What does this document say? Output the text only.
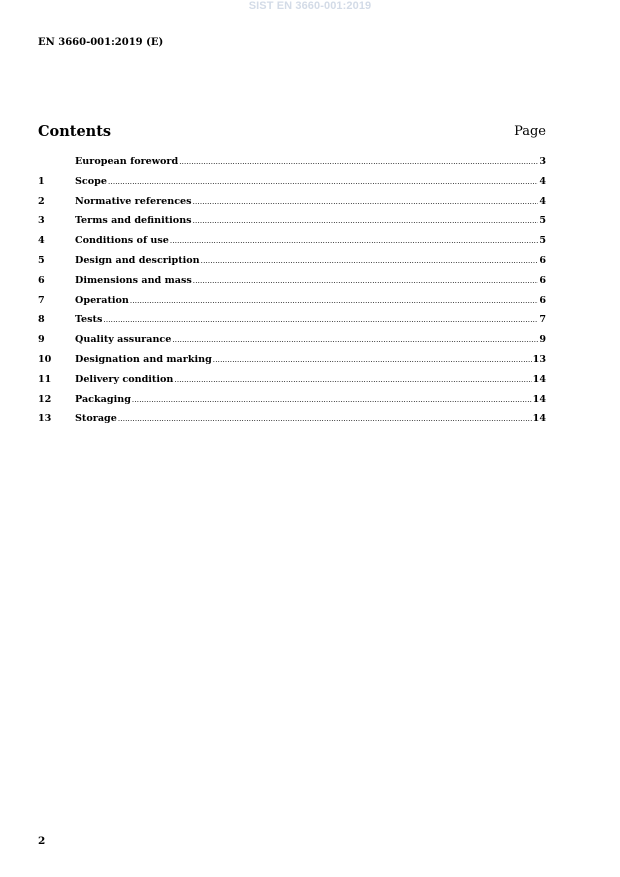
SIST EN 3660-001:2019
EN 3660-001:2019 (E)
Contents	Page
European foreword .....	3
1	Scope .....	4
2	Normative references .....	4
3	Terms and definitions .....	5
4	Conditions of use .....	5
5	Design and description .....	6
6	Dimensions and mass .....	6
7	Operation .....	6
8	Tests .....	7
9	Quality assurance .....	9
10	Designation and marking .....	13
11	Delivery condition .....	14
12	Packaging .....	14
13	Storage .....	14
2
